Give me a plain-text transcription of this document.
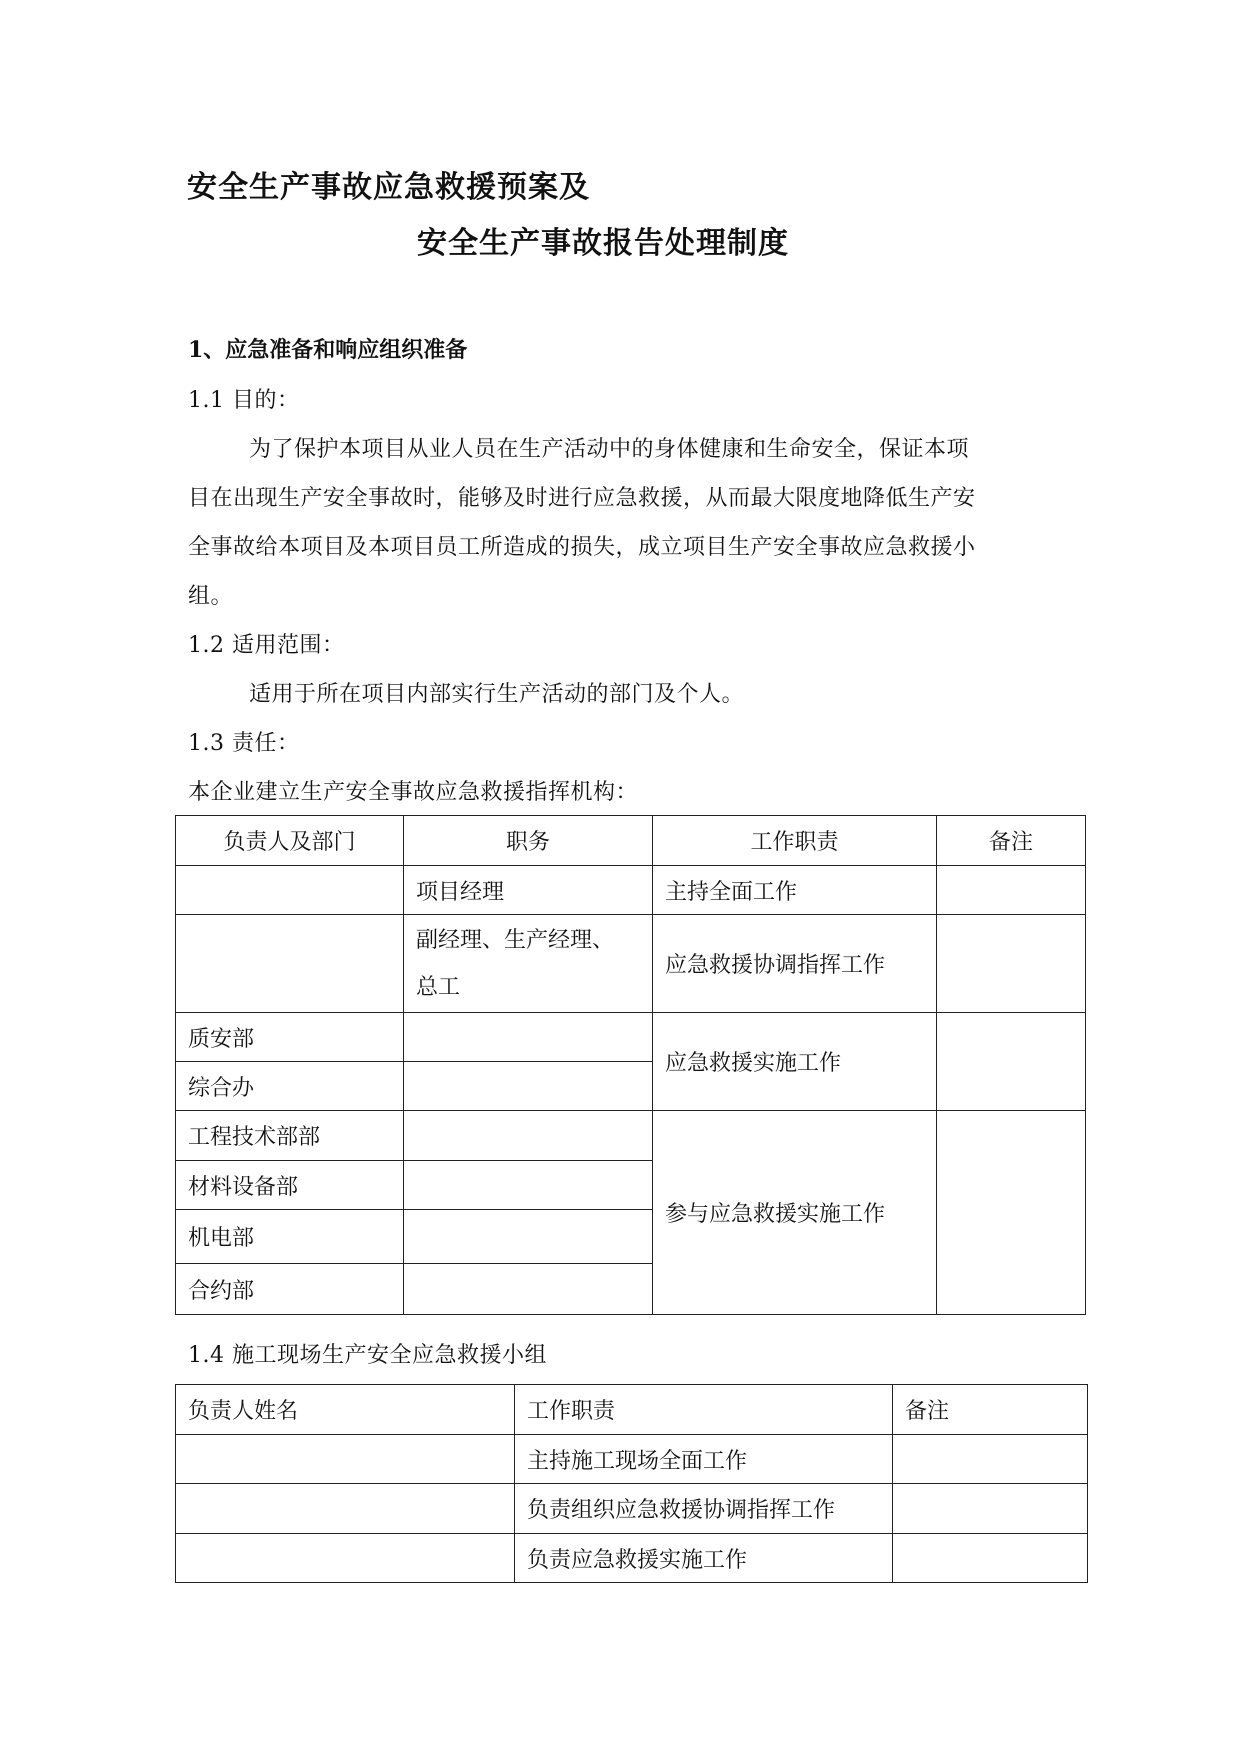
安全生产事故应急救援预案及
安全生产事故报告处理制度
1、应急准备和响应组织准备
1.1 目的：
为了保护本项目从业人员在生产活动中的身体健康和生命安全，保证本项
目在出现生产安全事故时，能够及时进行应急救援，从而最大限度地降低生产安
全事故给本项目及本项目员工所造成的损失，成立项目生产安全事故应急救援小
组。
1.2 适用范围：
适用于所在项目内部实行生产活动的部门及个人。
1.3 责任：
本企业建立生产安全事故应急救援指挥机构：
负责人及部门	职务	工作职责	备注
	项目经理	主持全面工作	
	副经理、生产经理、
总工	应急救援协调指挥工作	
质安部		应急救援实施工作	
综合办			
工程技术部部		参与应急救援实施工作	
材料设备部			
机电部			
合约部			
1.4 施工现场生产安全应急救援小组
负责人姓名	工作职责	备注
	主持施工现场全面工作	
	负责组织应急救援协调指挥工作	
	负责应急救援实施工作	
